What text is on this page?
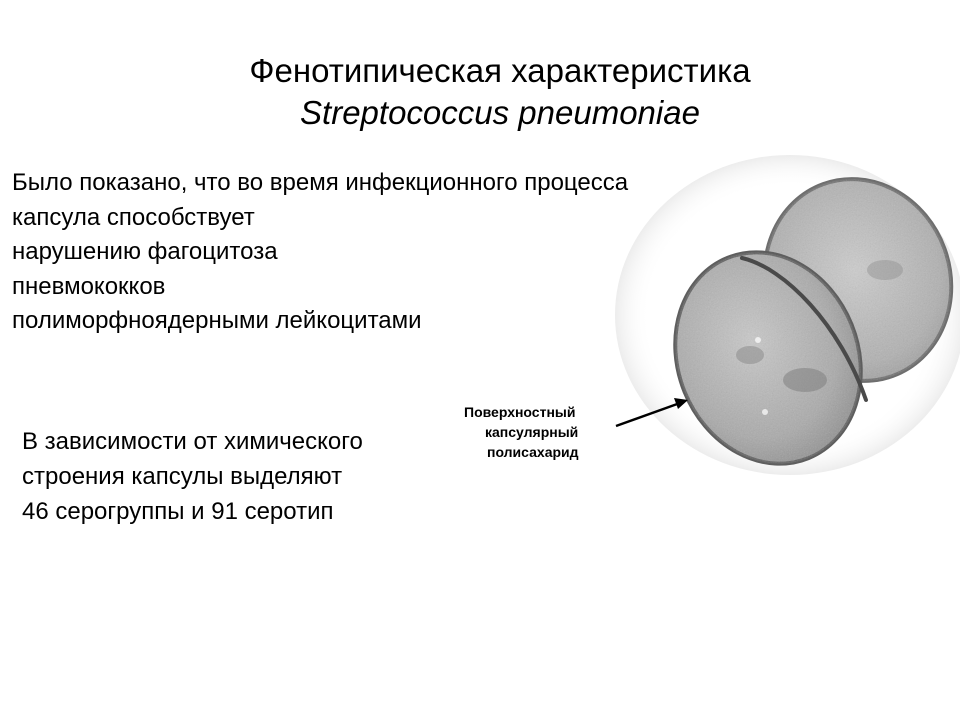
Фенотипическая характеристика
Streptococcus pneumoniae
Было показано, что во время инфекционного процесса
капсула способствует
нарушению фагоцитоза
пневмококков
полиморфноядерными лейкоцитами
В зависимости от химического
строения капсулы выделяют
46 серогруппы и 91 серотип
Поверхностный
капсулярный
полисахарид
